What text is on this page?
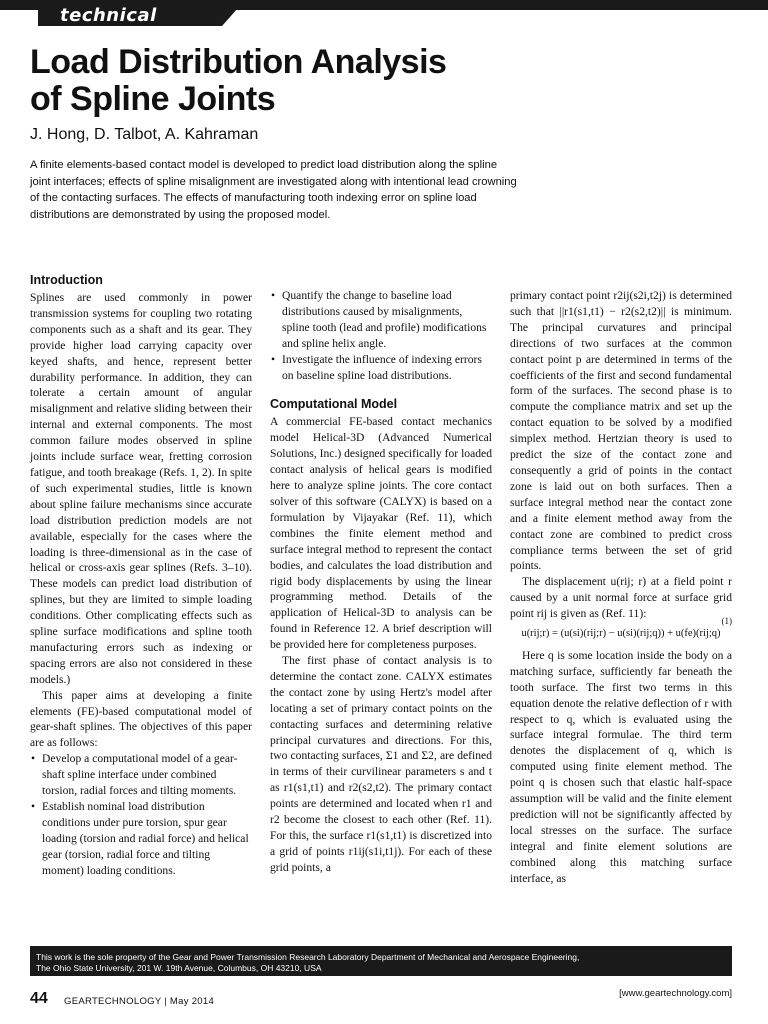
technical
Load Distribution Analysis
of Spline Joints
J. Hong, D. Talbot, A. Kahraman
A finite elements-based contact model is developed to predict load distribution along the spline joint interfaces; effects of spline misalignment are investigated along with intentional lead crowning of the contacting surfaces. The effects of manufacturing tooth indexing error on spline load distributions are demonstrated by using the proposed model.
Introduction

Splines are used commonly in power transmission systems for coupling two rotating components such as a shaft and its gear. They provide higher load carrying capacity over keyed shafts, and hence, represent better durability performance. In addition, they can tolerate a certain amount of angular misalignment and relative sliding between their internal and external components. The most common failure modes observed in spline joints include surface wear, fretting corrosion fatigue, and tooth breakage (Refs. 1, 2). In spite of such experimental studies, little is known about spline failure mechanisms since accurate load distribution prediction models are not available, especially for the cases where the loading is three-dimensional as in the case of helical or cross-axis gear splines (Refs. 3–10). These models can predict load distribution of splines, but they are limited to simple loading conditions. Other complicating effects such as spline surface modifications and spline tooth manufacturing errors such as indexing or spacing errors are also not considered in these models.)

This paper aims at developing a finite elements (FE)-based computational model of gear-shaft splines. The objectives of this paper are as follows:

• Develop a computational model of a gear-shaft spline interface under combined torsion, radial forces and tilting moments.
• Establish nominal load distribution conditions under pure torsion, spur gear loading (torsion and radial force) and helical gear (torsion, radial force and tilting moment) loading conditions.
• Quantify the change to baseline load distributions caused by misalignments, spline tooth (lead and profile) modifications and spline helix angle.
• Investigate the influence of indexing errors on baseline spline load distributions.
Computational Model

A commercial FE-based contact mechanics model Helical-3D (Advanced Numerical Solutions, Inc.) designed specifically for loaded contact analysis of helical gears is modified here to analyze spline joints. The core contact solver of this software (CALYX) is based on a formulation by Vijayakar (Ref. 11), which combines the finite element method and surface integral method to represent the contact bodies, and calculates the load distribution and rigid body displacements by using the linear programming method. Details of the application of Helical-3D to analysis can be found in Reference 12. A brief description will be provided here for completeness purposes.

The first phase of contact analysis is to determine the contact zone. CALYX estimates the contact zone by using Hertz's model after locating a set of primary contact points on the contacting surfaces and determining relative principal curvatures and directions. For this, two contacting surfaces, Σ1 and Σ2, are defined in terms of their curvilinear parameters s and t as r1(s1,t1) and r2(s2,t2). The primary contact points are determined and located when r1 and r2 become the closest to each other (Ref. 11). For this, the surface r1(s1,t1) is discretized into a grid of points r1ij(s1i,t1j). For each of these grid points, a

primary contact point r2ij(s2i,t2j) is determined such that ||r1(s1,t1) − r2(s2,t2)|| is minimum. The principal curvatures and principal directions of two surfaces at the common contact point p are determined in terms of the coefficients of the first and second fundamental form of the surfaces. The second phase is to compute the compliance matrix and set up the contact equation to be solved by a modified simplex method. Hertzian theory is used to predict the size of the contact zone and consequently a grid of points in the contact zone is laid out on both surfaces. Then a surface integral method near the contact zone and a finite element method away from the contact zone are combined to predict cross compliance terms between the set of grid points.

The displacement u(rij; r) at a field point r caused by a unit normal force at surface grid point rij is given as (Ref. 11):

u(rij;r) = (u(si)(rij;r) − u(si)(rij;q)) + u(fe)(rij;q)
(1)

Here q is some location inside the body on a matching surface, sufficiently far beneath the tooth surface. The first two terms in this equation denote the relative deflection of r with respect to q, which is evaluated using the surface integral formulae. The third term denotes the displacement of q, which is computed using finite element method. The point q is chosen such that elastic half-space assumption will be valid and the finite element prediction will not be significantly affected by local stresses on the surface. The surface integral and finite element solutions are combined along this matching surface interface, as

This work is the sole property of the Gear and Power Transmission Research Laboratory Department of Mechanical and Aerospace Engineering,
The Ohio State University, 201 W. 19th Avenue, Columbus, OH 43210, USA
44 GEARTECHNOLOGY | May 2014
[www.geartechnology.com]
